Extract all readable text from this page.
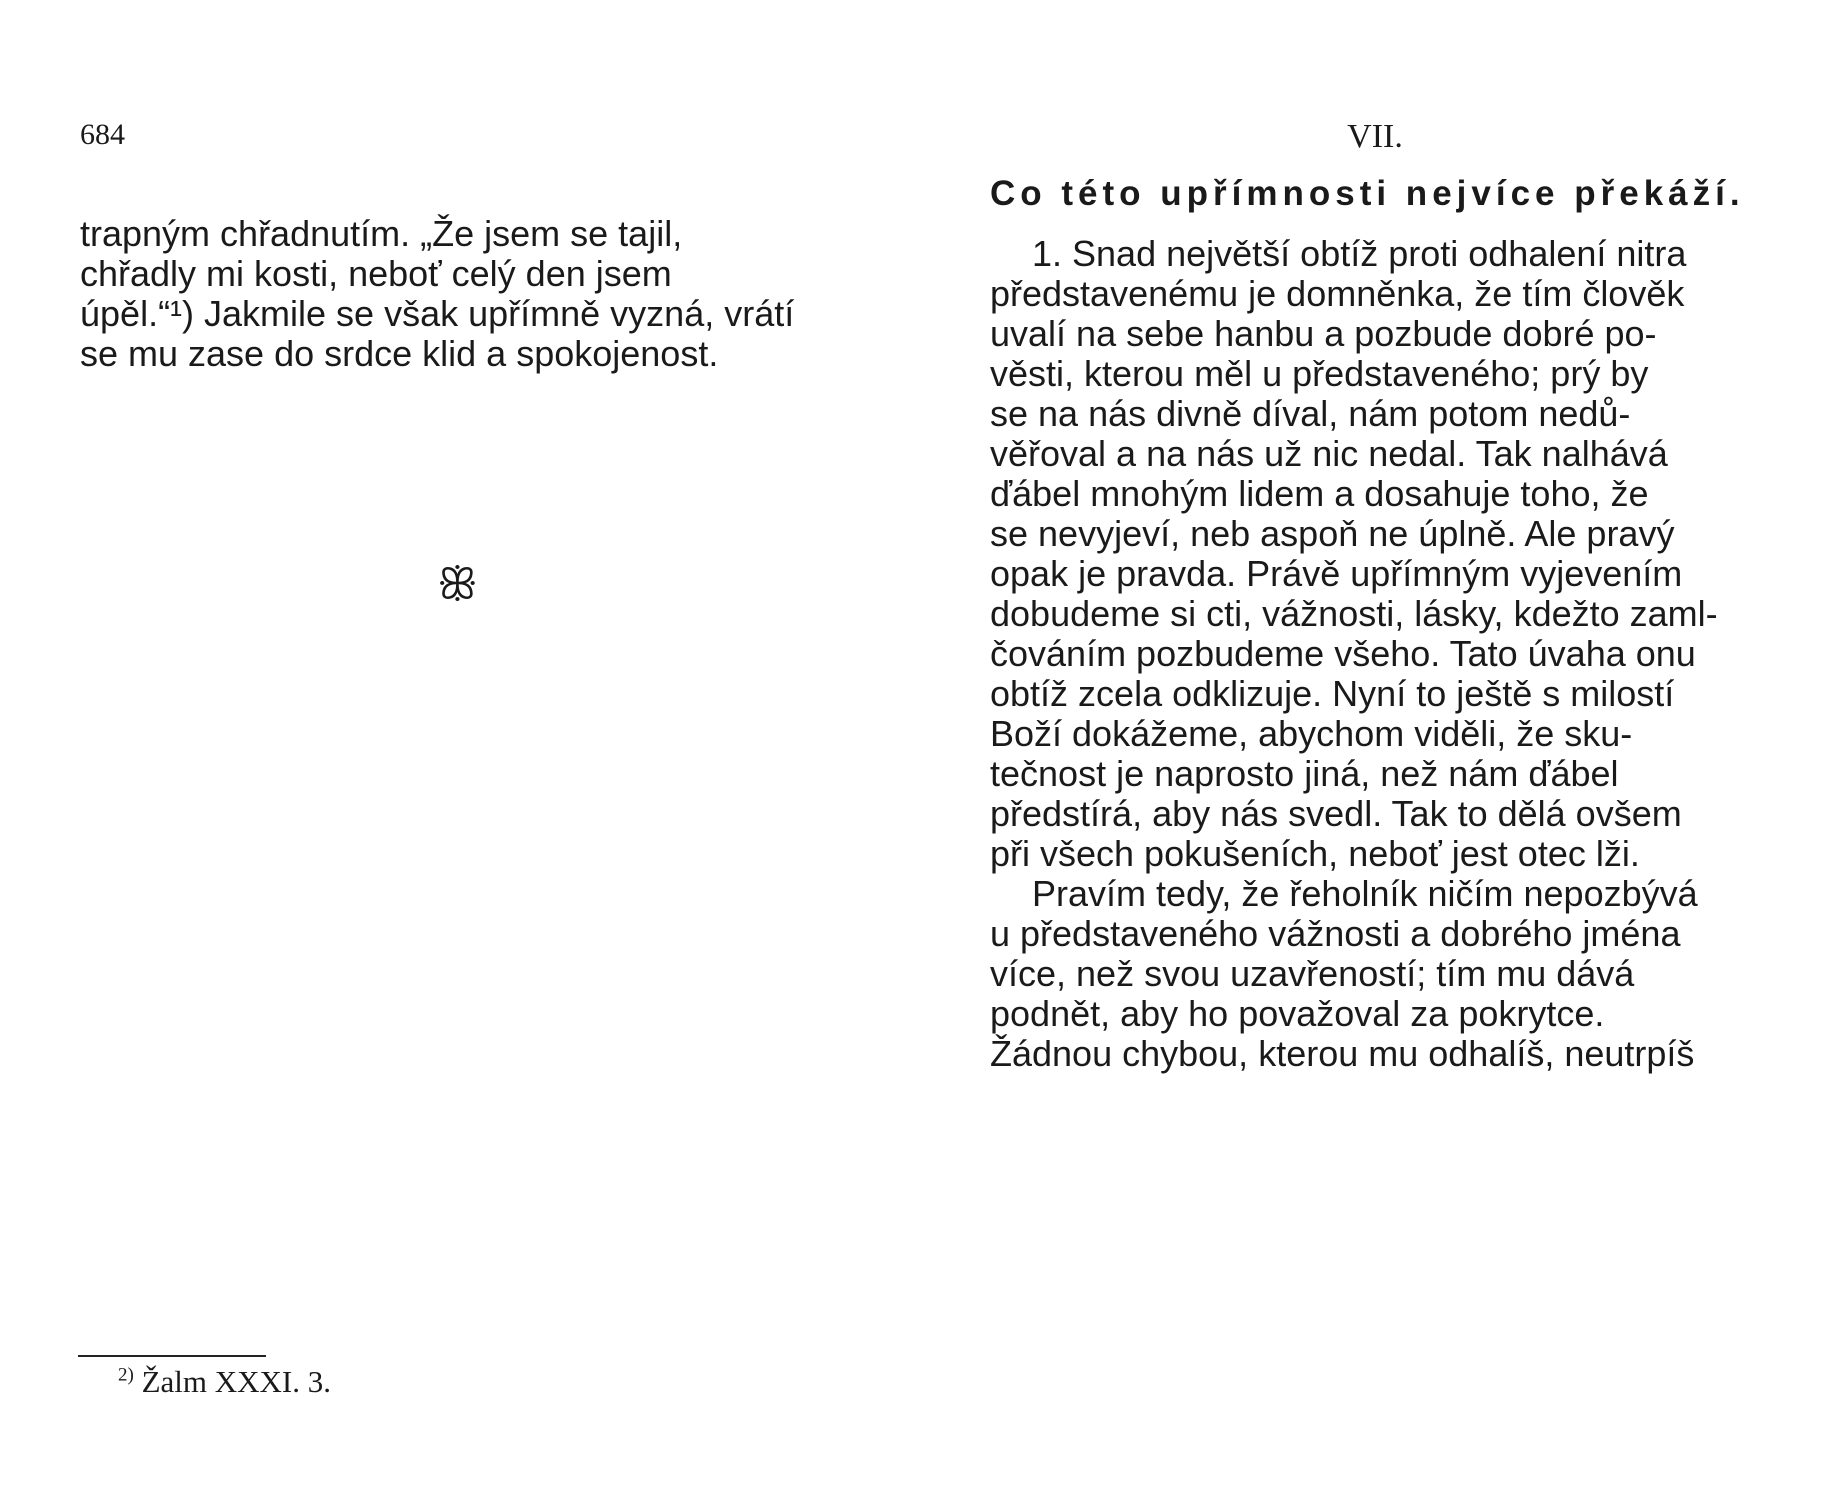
684
trapným chřadnutím. „Že jsem se tajil,
chřadly mi kosti, neboť celý den jsem
úpěl.“¹) Jakmile se však upřímně vyzná, vrátí
se mu zase do srdce klid a spokojenost.
ꕥ
$^{2)}$ Žalm XXXI. 3.
VII.
Co této upřímnosti nejvíce překáží.
1. Snad největší obtíž proti odhalení nitra
představenému je domněnka, že tím člověk
uvalí na sebe hanbu a pozbude dobré po-
věsti, kterou měl u představeného; prý by
se na nás divně díval, nám potom nedů-
věřoval a na nás už nic nedal. Tak nalhává
ďábel mnohým lidem a dosahuje toho, že
se nevyjeví, neb aspoň ne úplně. Ale pravý
opak je pravda. Právě upřímným vyjevením
dobudeme si cti, vážnosti, lásky, kdežto zaml-
čováním pozbudeme všeho. Tato úvaha onu
obtíž zcela odklizuje. Nyní to ještě s milostí
Boží dokážeme, abychom viděli, že sku-
tečnost je naprosto jiná, než nám ďábel
předstírá, aby nás svedl. Tak to dělá ovšem
při všech pokušeních, neboť jest otec lži.
Pravím tedy, že řeholník ničím nepozbývá
u představeného vážnosti a dobrého jména
více, než svou uzavřeností; tím mu dává
podnět, aby ho považoval za pokrytce.
Žádnou chybou, kterou mu odhalíš, neutrpíš
